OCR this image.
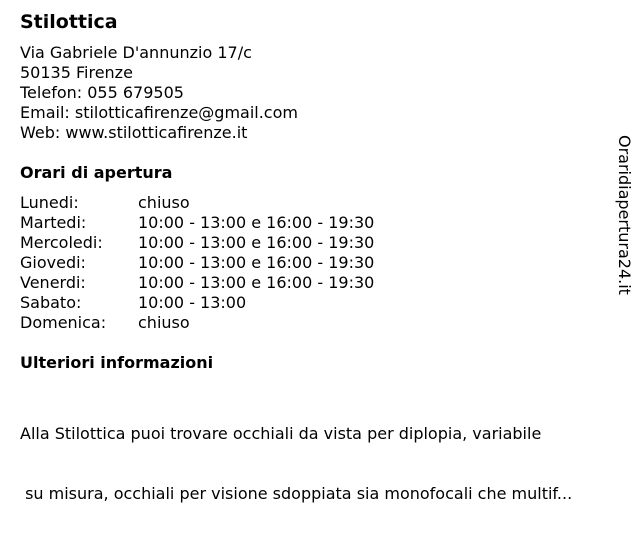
Stilottica
Via Gabriele D'annunzio 17/c
50135 Firenze
Telefon: 055 679505
Email: stilotticafirenze@gmail.com
Web: www.stilotticafirenze.it
Orari di apertura
Lunedi:	chiuso
Martedi:	10:00 - 13:00 e 16:00 - 19:30
Mercoledi:	10:00 - 13:00 e 16:00 - 19:30
Giovedi:	10:00 - 13:00 e 16:00 - 19:30
Venerdi:	10:00 - 13:00 e 16:00 - 19:30
Sabato:	10:00 - 13:00
Domenica:	chiuso
Ulteriori informazioni

Alla Stilottica puoi trovare occhiali da vista per diplopia, variabile

su misura, occhiali per visione sdoppiata sia monofocali che multif...

Oraridiapertura24.it
